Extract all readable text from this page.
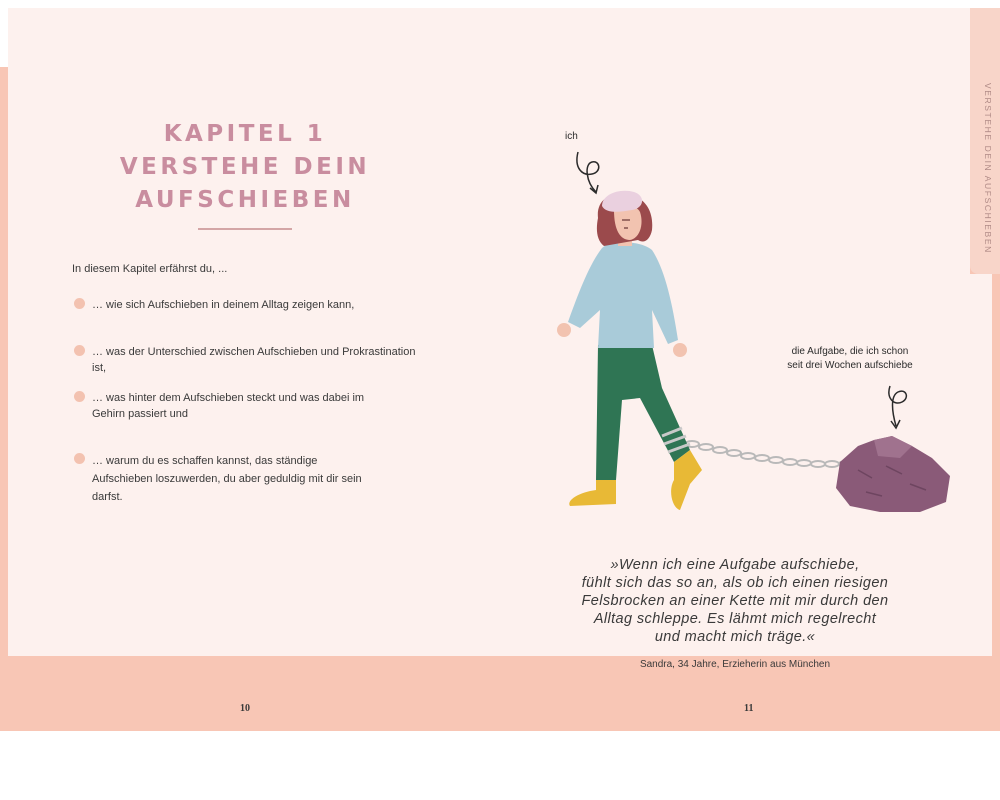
VERSTEHE DEIN AUFSCHIEBEN
KAPITEL 1
VERSTEHE DEIN
AUFSCHIEBEN
In diesem Kapitel erfährst du, ...
… wie sich Aufschieben in deinem Alltag zeigen kann,
… was der Unterschied zwischen Aufschieben und Prokrastination ist,
… was hinter dem Aufschieben steckt und was dabei im Gehirn passiert und
… warum du es schaffen kannst, das ständige Aufschieben loszuwerden, du aber geduldig mit dir sein darfst.
10
ich
die Aufgabe, die ich schon
seit drei Wochen aufschiebe
»Wenn ich eine Aufgabe aufschiebe,
fühlt sich das so an, als ob ich einen riesigen
Felsbrocken an einer Kette mit mir durch den
Alltag schleppe. Es lähmt mich regelrecht
und macht mich träge.«
Sandra, 34 Jahre, Erzieherin aus München
11
